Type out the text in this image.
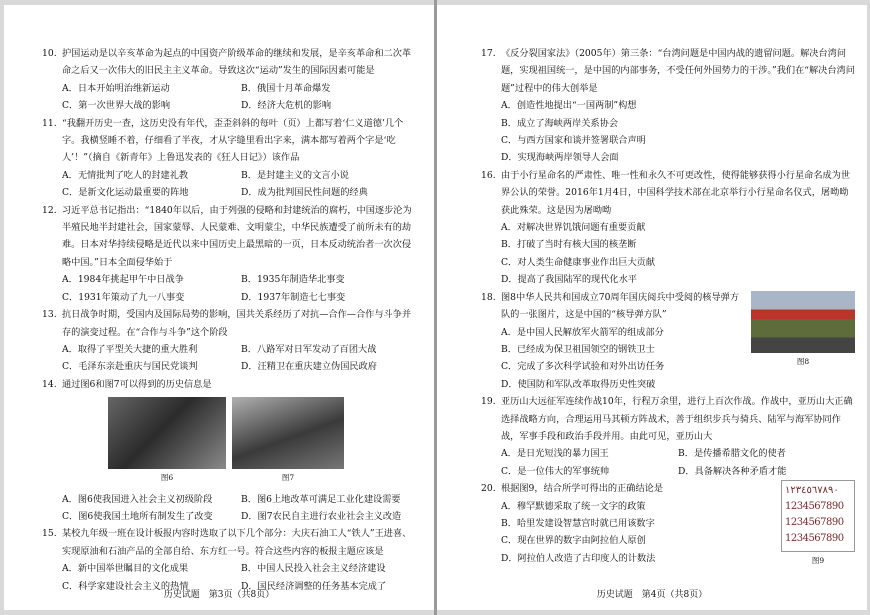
10. 护国运动是以辛亥革命为起点的中国资产阶级革命的继续和发展，是辛亥革命和二次革命之后又一次伟大的旧民主主义革命。导致这次“运动”发生的国际因素可能是
A．日本开始明治维新运动	B．俄国十月革命爆发
C．第一次世界大战的影响	D．经济大危机的影响
11. “我翻开历史一查，这历史没有年代，歪歪斜斜的每叶（页）上都写着‘仁义道德’几个字。我横竖睡不着，仔细看了半夜，才从字缝里看出字来，满本都写着两个字是‘吃人’！”（摘自《新青年》上鲁迅发表的《狂人日记》）该作品
A．无情批判了吃人的封建礼教	B．是封建主义的文言小说
C．是新文化运动最重要的阵地	D．成为批判国民性问题的经典
12. 习近平总书记指出：“1840年以后，由于列强的侵略和封建统治的腐朽，中国逐步沦为半殖民地半封建社会，国家蒙辱、人民蒙难、文明蒙尘，中华民族遭受了前所未有的劫难。日本对华持续侵略是近代以来中国历史上最黑暗的一页，日本反动统治者一次次侵略中国。”日本全面侵华始于
A．1984年挑起甲午中日战争	B．1935年制造华北事变
C．1931年策动了九一八事变	D．1937年制造七七事变
13. 抗日战争时期，受国内及国际局势的影响，国共关系经历了对抗—合作—合作与斗争并存的演变过程。在“合作与斗争”这个阶段
A．取得了平型关大捷的重大胜利	B．八路军对日军发动了百团大战
C．毛泽东亲赴重庆与国民党谈判	D．汪精卫在重庆建立伪国民政府
14. 通过图6和图7可以得到的历史信息是
图6	图7
A．图6使我国进入社会主义初级阶段	B．图6上地改革可满足工业化建设需要
C．图6使我国土地所有制发生了改变	D．图7农民自主进行农业社会主义改造
15. 某校九年级一班在设计板报内容时选取了以下几个部分：大庆石油工人“铁人”王进喜、实现原油和石油产品的全部自给、东方红一号。符合这些内容的板报主题应该是
A．新中国举世瞩目的文化成果	B．中国人民投入社会主义经济建设
C．科学家建设社会主义的热情	D．国民经济调整的任务基本完成了
历史试题　第3页（共8页）
17. 《反分裂国家法》（2005年）第三条：“台湾问题是中国内战的遗留问题。解决台湾问题，实现祖国统一，是中国的内部事务，不受任何外国势力的干涉。”我们在“解决台湾问题”过程中的伟大创举是
A．创造性地提出“一国两制”构想
B．成立了海峡两岸关系协会
C．与西方国家和谈并签署联合声明
D．实现海峡两岸领导人会面
16. 由于小行星命名的严肃性、唯一性和永久不可更改性，使得能够获得小行星命名成为世界公认的荣誉。2016年1月4日，中国科学技术部在北京举行小行星命名仪式，屠呦呦获此殊荣。这是因为屠呦呦
A．对解决世界饥饿问题有重要贡献
B．打破了当时有核大国的核垄断
C．对人类生命健康事业作出巨大贡献
D．提高了我国陆军的现代化水平
18. 图8中华人民共和国成立70周年国庆阅兵中受阅的核导弹方队的一张图片，这是中国的“核导弹方队”
A．是中国人民解放军火箭军的组成部分
B．已经成为保卫祖国领空的钢铁卫士
C．完成了多次科学试验和对外出访任务
D．使国防和军队改革取得历史性突破
图8
19. 亚历山大远征军连续作战10年，行程万余里，进行上百次作战。作战中，亚历山大正确选择战略方向，合理运用马其顿方阵战术，善于组织步兵与骑兵、陆军与海军协同作战，军事手段和政治手段并用。由此可见，亚历山大
A．是日光短浅的暴力国王	B．是传播希腊文化的使者
C．是一位伟大的军事统帅	D．具备解决各种矛盾才能
20. 根据图9，结合所学可得出的正确结论是
A．穆罕默德采取了统一文字的政策
B．哈里发建设智慧宫时就已用该数字
C．现在世界的数字由阿拉伯人原创
D．阿拉伯人改造了古印度人的计数法
١٢٣٤٥٦٧٨٩٠
1234567890
1234567890
1234567890
图9
历史试题　第4页（共8页）
